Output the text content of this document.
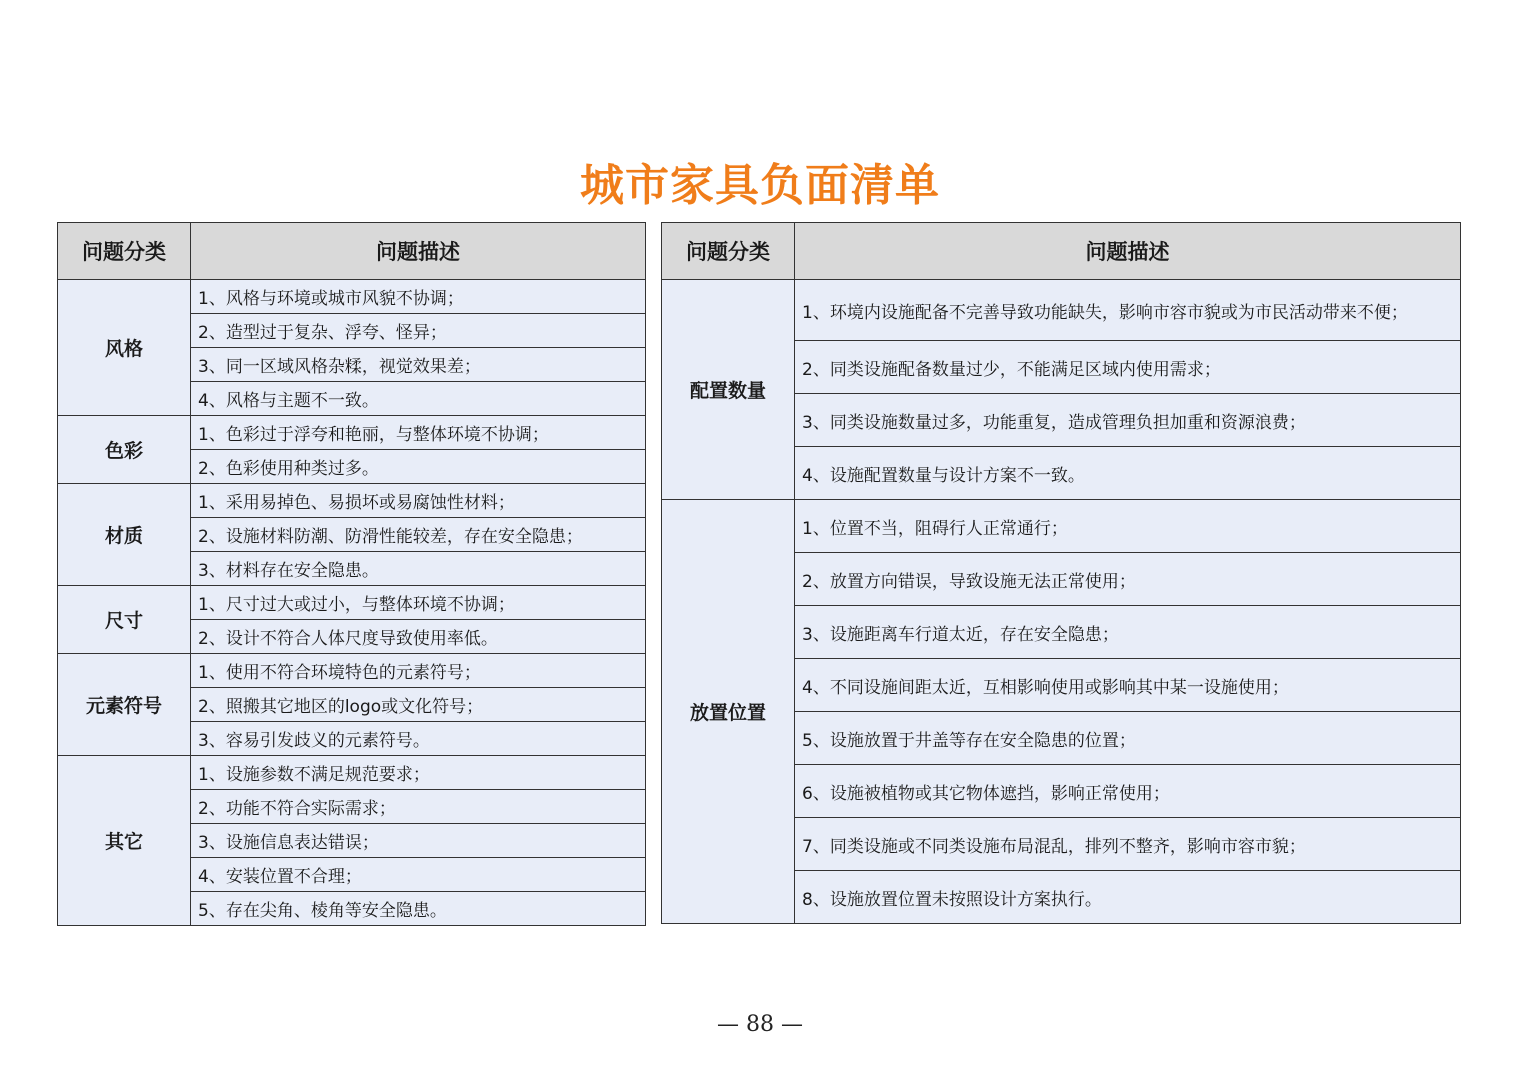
城市家具负面清单
问题分类	问题描述
风格	1、风格与环境或城市风貌不协调；
	2、造型过于复杂、浮夸、怪异；
	3、同一区域风格杂糅，视觉效果差；
	4、风格与主题不一致。
色彩	1、色彩过于浮夸和艳丽，与整体环境不协调；
	2、色彩使用种类过多。
材质	1、采用易掉色、易损坏或易腐蚀性材料；
	2、设施材料防潮、防滑性能较差，存在安全隐患；
	3、材料存在安全隐患。
尺寸	1、尺寸过大或过小，与整体环境不协调；
	2、设计不符合人体尺度导致使用率低。
元素符号	1、使用不符合环境特色的元素符号；
	2、照搬其它地区的logo或文化符号；
	3、容易引发歧义的元素符号。
其它	1、设施参数不满足规范要求；
	2、功能不符合实际需求；
	3、设施信息表达错误；
	4、安装位置不合理；
	5、存在尖角、棱角等安全隐患。
问题分类	问题描述
配置数量	1、环境内设施配备不完善导致功能缺失，影响市容市貌或为市民活动带来不便；
	2、同类设施配备数量过少，不能满足区域内使用需求；
	3、同类设施数量过多，功能重复，造成管理负担加重和资源浪费；
	4、设施配置数量与设计方案不一致。
放置位置	1、位置不当，阻碍行人正常通行；
	2、放置方向错误，导致设施无法正常使用；
	3、设施距离车行道太近，存在安全隐患；
	4、不同设施间距太近，互相影响使用或影响其中某一设施使用；
	5、设施放置于井盖等存在安全隐患的位置；
	6、设施被植物或其它物体遮挡，影响正常使用；
	7、同类设施或不同类设施布局混乱，排列不整齐，影响市容市貌；
	8、设施放置位置未按照设计方案执行。
— 88 —
